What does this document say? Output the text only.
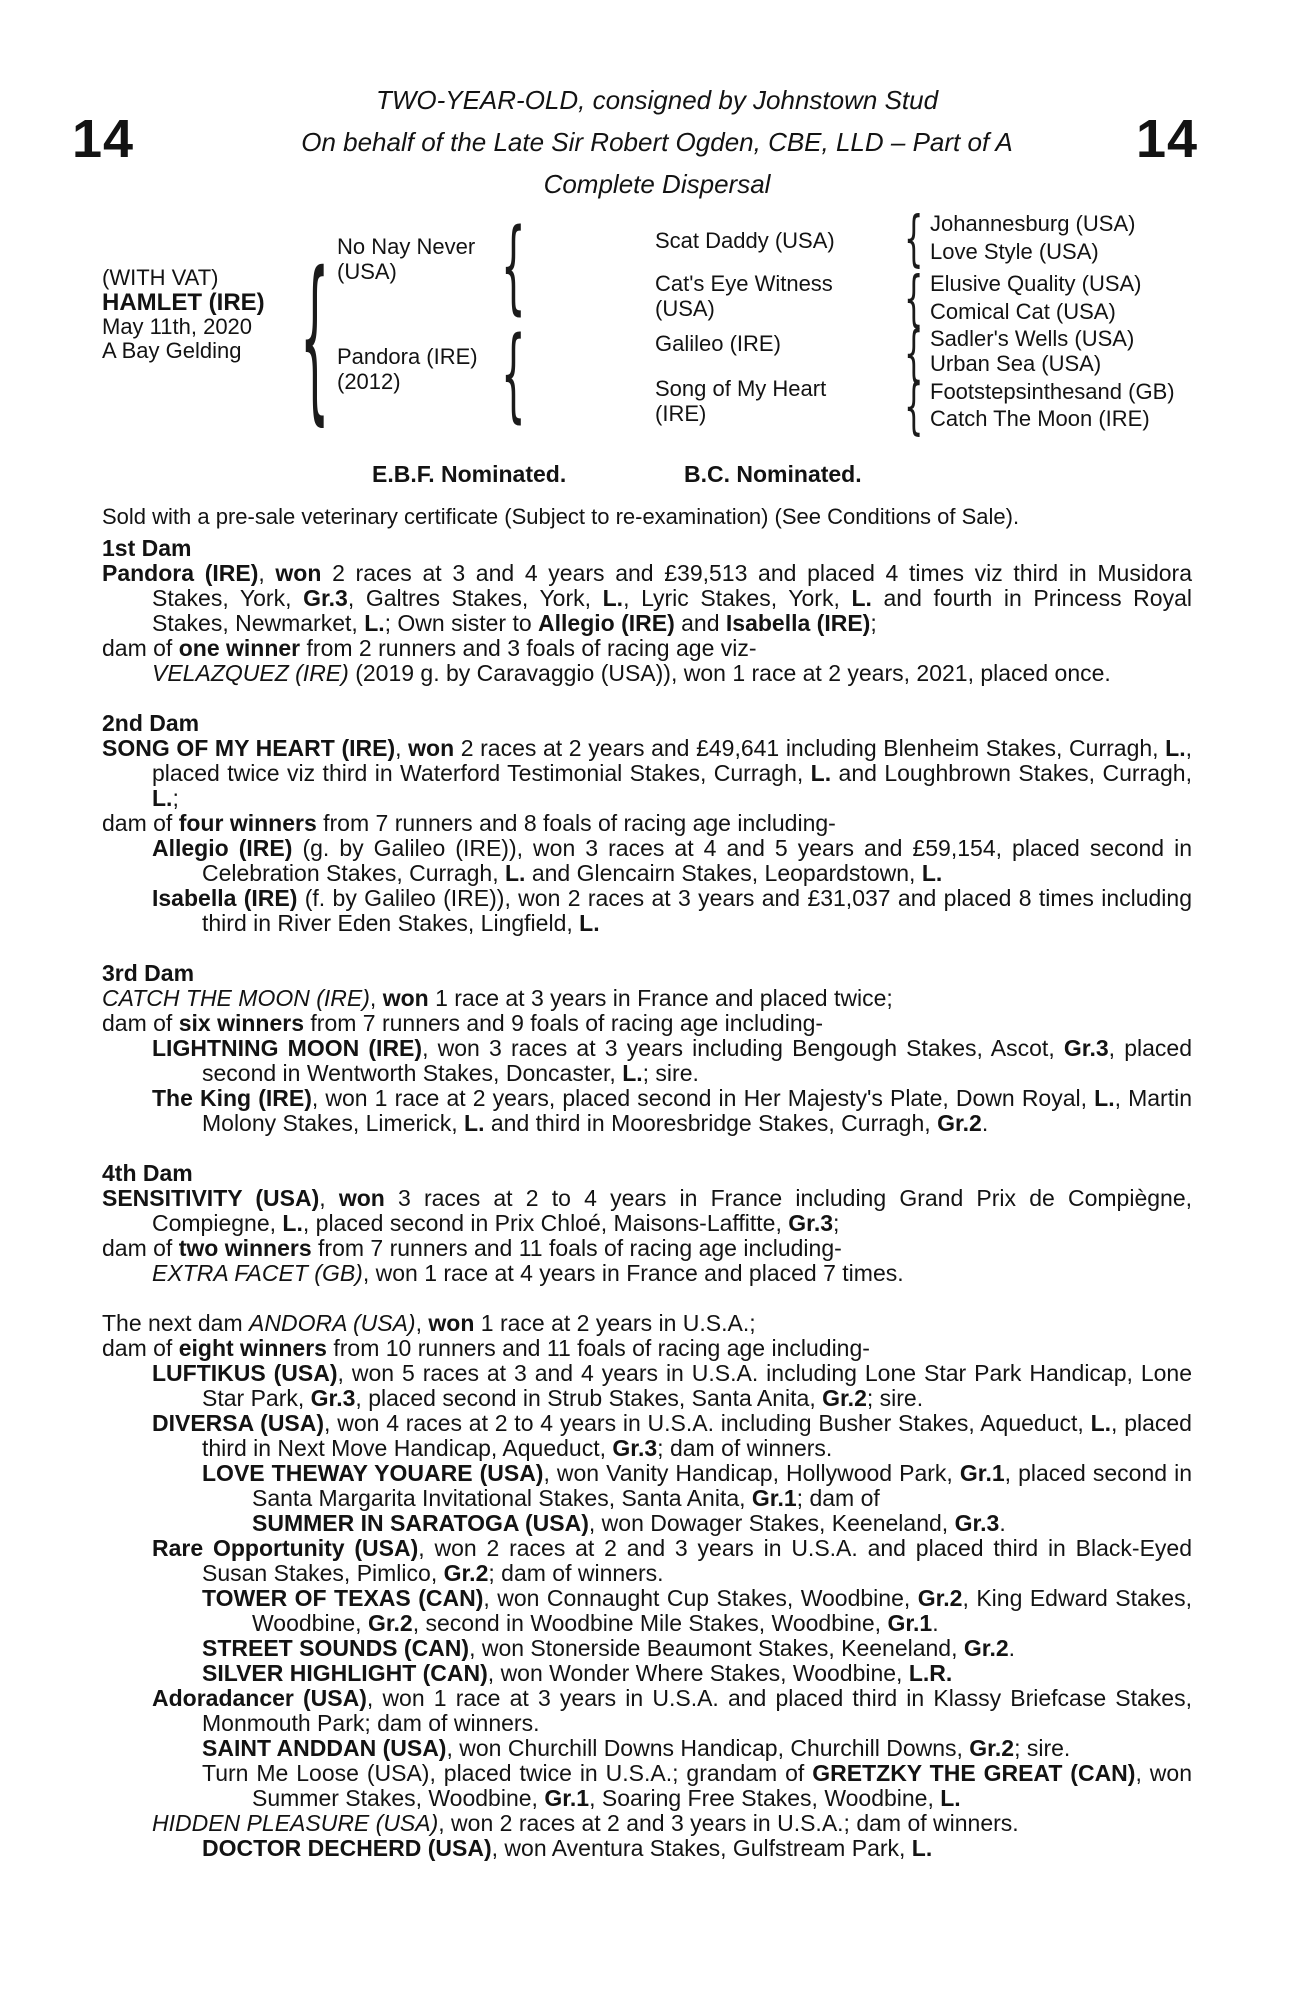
TWO-YEAR-OLD, consigned by Johnstown Stud
On behalf of the Late Sir Robert Ogden, CBE, LLD – Part of A
Complete Dispersal
14	14
(WITH VAT)
HAMLET (IRE)
May 11th, 2020
A Bay Gelding { No Nay Never
(USA)
Pandora (IRE)
(2012)
{
{
Scat Daddy (USA)
Cat's Eye Witness
(USA)
Galileo (IRE)
Song of My Heart
(IRE)
{
{
{
{
Johannesburg (USA)
Love Style (USA)
Elusive Quality (USA)
Comical Cat (USA)
Sadler's Wells (USA)
Urban Sea (USA)
Footstepsinthesand (GB)
Catch The Moon (IRE)
E.B.F. Nominated.	B.C. Nominated.
Sold with a pre-sale veterinary certificate (Subject to re-examination) (See Conditions of Sale).
1st Dam
Pandora (IRE), won 2 races at 3 and 4 years and £39,513 and placed 4 times viz third in Musidora Stakes, York, Gr.3, Galtres Stakes, York, L., Lyric Stakes, York, L. and fourth in Princess Royal Stakes, Newmarket, L.; Own sister to Allegio (IRE) and Isabella (IRE);
dam of one winner from 2 runners and 3 foals of racing age viz-
VELAZQUEZ (IRE) (2019 g. by Caravaggio (USA)), won 1 race at 2 years, 2021, placed once.
2nd Dam
SONG OF MY HEART (IRE), won 2 races at 2 years and £49,641 including Blenheim Stakes, Curragh, L., placed twice viz third in Waterford Testimonial Stakes, Curragh, L. and Loughbrown Stakes, Curragh, L.;
dam of four winners from 7 runners and 8 foals of racing age including-
Allegio (IRE) (g. by Galileo (IRE)), won 3 races at 4 and 5 years and £59,154, placed second in Celebration Stakes, Curragh, L. and Glencairn Stakes, Leopardstown, L.
Isabella (IRE) (f. by Galileo (IRE)), won 2 races at 3 years and £31,037 and placed 8 times including third in River Eden Stakes, Lingfield, L.
3rd Dam
CATCH THE MOON (IRE), won 1 race at 3 years in France and placed twice;
dam of six winners from 7 runners and 9 foals of racing age including-
LIGHTNING MOON (IRE), won 3 races at 3 years including Bengough Stakes, Ascot, Gr.3, placed second in Wentworth Stakes, Doncaster, L.; sire.
The King (IRE), won 1 race at 2 years, placed second in Her Majesty's Plate, Down Royal, L., Martin Molony Stakes, Limerick, L. and third in Mooresbridge Stakes, Curragh, Gr.2.
4th Dam
SENSITIVITY (USA), won 3 races at 2 to 4 years in France including Grand Prix de Compiègne, Compiegne, L., placed second in Prix Chloé, Maisons-Laffitte, Gr.3;
dam of two winners from 7 runners and 11 foals of racing age including-
EXTRA FACET (GB), won 1 race at 4 years in France and placed 7 times.
The next dam ANDORA (USA), won 1 race at 2 years in U.S.A.;
dam of eight winners from 10 runners and 11 foals of racing age including-
LUFTIKUS (USA), won 5 races at 3 and 4 years in U.S.A. including Lone Star Park Handicap, Lone Star Park, Gr.3, placed second in Strub Stakes, Santa Anita, Gr.2; sire.
DIVERSA (USA), won 4 races at 2 to 4 years in U.S.A. including Busher Stakes, Aqueduct, L., placed third in Next Move Handicap, Aqueduct, Gr.3; dam of winners.
LOVE THEWAY YOUARE (USA), won Vanity Handicap, Hollywood Park, Gr.1, placed second in Santa Margarita Invitational Stakes, Santa Anita, Gr.1; dam of
SUMMER IN SARATOGA (USA), won Dowager Stakes, Keeneland, Gr.3.
Rare Opportunity (USA), won 2 races at 2 and 3 years in U.S.A. and placed third in Black-Eyed Susan Stakes, Pimlico, Gr.2; dam of winners.
TOWER OF TEXAS (CAN), won Connaught Cup Stakes, Woodbine, Gr.2, King Edward Stakes, Woodbine, Gr.2, second in Woodbine Mile Stakes, Woodbine, Gr.1.
STREET SOUNDS (CAN), won Stonerside Beaumont Stakes, Keeneland, Gr.2.
SILVER HIGHLIGHT (CAN), won Wonder Where Stakes, Woodbine, L.R.
Adoradancer (USA), won 1 race at 3 years in U.S.A. and placed third in Klassy Briefcase Stakes, Monmouth Park; dam of winners.
SAINT ANDDAN (USA), won Churchill Downs Handicap, Churchill Downs, Gr.2; sire.
Turn Me Loose (USA), placed twice in U.S.A.; grandam of GRETZKY THE GREAT (CAN), won Summer Stakes, Woodbine, Gr.1, Soaring Free Stakes, Woodbine, L.
HIDDEN PLEASURE (USA), won 2 races at 2 and 3 years in U.S.A.; dam of winners.
DOCTOR DECHERD (USA), won Aventura Stakes, Gulfstream Park, L.
